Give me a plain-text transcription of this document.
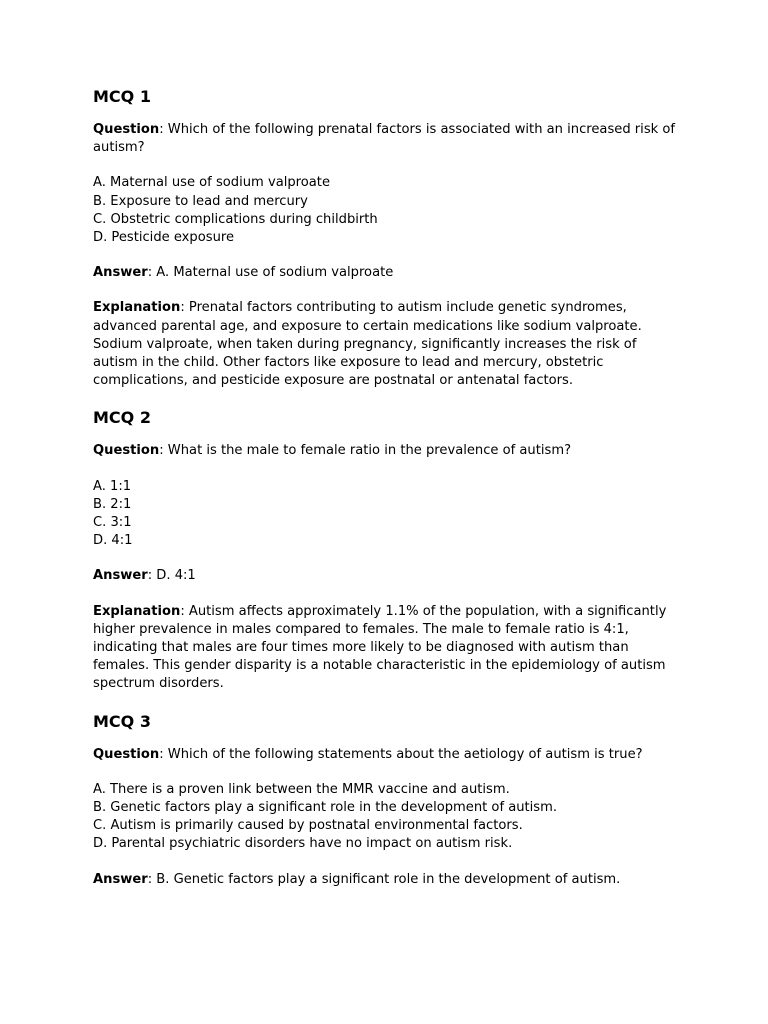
MCQ 1

Question: Which of the following prenatal factors is associated with an increased risk of autism?

A. Maternal use of sodium valproate
B. Exposure to lead and mercury
C. Obstetric complications during childbirth
D. Pesticide exposure

Answer: A. Maternal use of sodium valproate

Explanation: Prenatal factors contributing to autism include genetic syndromes, advanced parental age, and exposure to certain medications like sodium valproate. Sodium valproate, when taken during pregnancy, significantly increases the risk of autism in the child. Other factors like exposure to lead and mercury, obstetric complications, and pesticide exposure are postnatal or antenatal factors.

MCQ 2

Question: What is the male to female ratio in the prevalence of autism?

A. 1:1
B. 2:1
C. 3:1
D. 4:1

Answer: D. 4:1

Explanation: Autism affects approximately 1.1% of the population, with a significantly higher prevalence in males compared to females. The male to female ratio is 4:1, indicating that males are four times more likely to be diagnosed with autism than females. This gender disparity is a notable characteristic in the epidemiology of autism spectrum disorders.

MCQ 3

Question: Which of the following statements about the aetiology of autism is true?

A. There is a proven link between the MMR vaccine and autism.
B. Genetic factors play a significant role in the development of autism.
C. Autism is primarily caused by postnatal environmental factors.
D. Parental psychiatric disorders have no impact on autism risk.

Answer: B. Genetic factors play a significant role in the development of autism.
